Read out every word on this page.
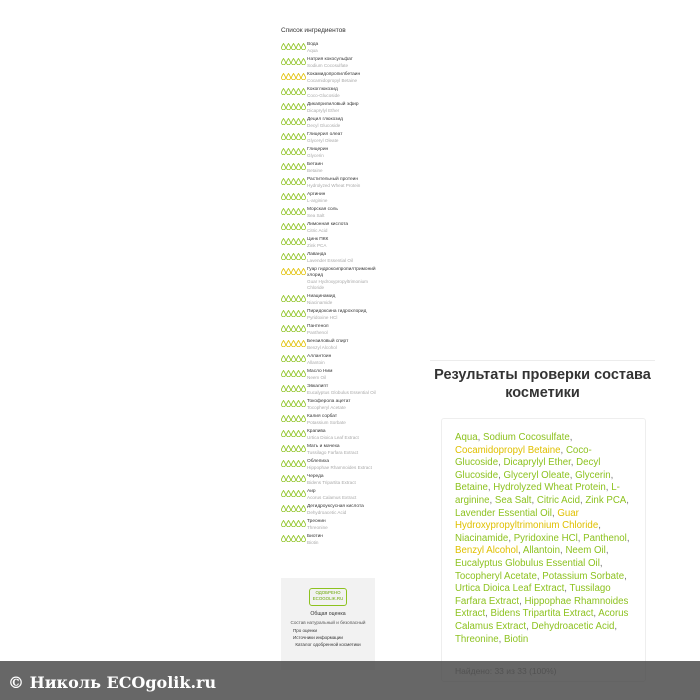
Список ингредиентов
Вода
Aqua
Натрия кокосульфат
Sodium Cocosulfate
Кокамидопропилбетаин
Cocamidopropyl Betaine
Кокоглюкозид
Coco-Glucoside
Дикаприлиловый эфир
Dicaprylyl Ether
Децил глюкозид
Decyl Glucoside
Глицерил олеат
Glyceryl Oleate
Глицерин
Glycerin
Бетаин
Betaine
Растительный протеин
Hydrolyzed Wheat Protein
Аргинин
L-arginine
Морская соль
Sea Salt
Лимонная кислота
Citric Acid
Цинк ПКК
Zink PCA
Лаванда
Lavender Essential Oil
Гуар гидроксипропилтримоний хлорид
Guar Hydroxypropyltrimonium Chloride
Ниацинамид
Niacinamide
Пиридоксина гидрохлорид
Pyridoxine HCl
Пантенол
Panthenol
Бензиловый спирт
Benzyl Alcohol
Аллантоин
Allantoin
Масло Ним
Neem Oil
Эвкалипт
Eucalyptus Globulus Essential Oil
Токоферола ацетат
Tocopheryl Acetate
Калия сорбат
Potassium Sorbate
Крапива
Urtica Dioica Leaf Extract
Мать и мачеха
Tussilago Farfara Extract
Облепиха
Hippophae Rhamnoides Extract
Череда
Bidens Tripartita Extract
Аир
Acorus Calamus Extract
Дегидроуксусная кислота
Dehydroacetic Acid
Треонин
Threonine
Биотин
Biotin
ОДОБРЕНО
ECOGOLIK.RU
Общая оценка
Состав натуральный и безопасный
Про оценки
Источники информации
Каталог одобренной косметики
Результаты проверки состава косметики
Aqua, Sodium Cocosulfate, Cocamidopropyl Betaine, Coco-Glucoside, Dicaprylyl Ether, Decyl Glucoside, Glyceryl Oleate, Glycerin, Betaine, Hydrolyzed Wheat Protein, L-arginine, Sea Salt, Citric Acid, Zink PCA, Lavender Essential Oil, Guar Hydroxypropyltrimonium Chloride, Niacinamide, Pyridoxine HCl, Panthenol, Benzyl Alcohol, Allantoin, Neem Oil, Eucalyptus Globulus Essential Oil, Tocopheryl Acetate, Potassium Sorbate, Urtica Dioica Leaf Extract, Tussilago Farfara Extract, Hippophae Rhamnoides Extract, Bidens Tripartita Extract, Acorus Calamus Extract, Dehydroacetic Acid, Threonine, Biotin
© Николь ECOgolik.ru
